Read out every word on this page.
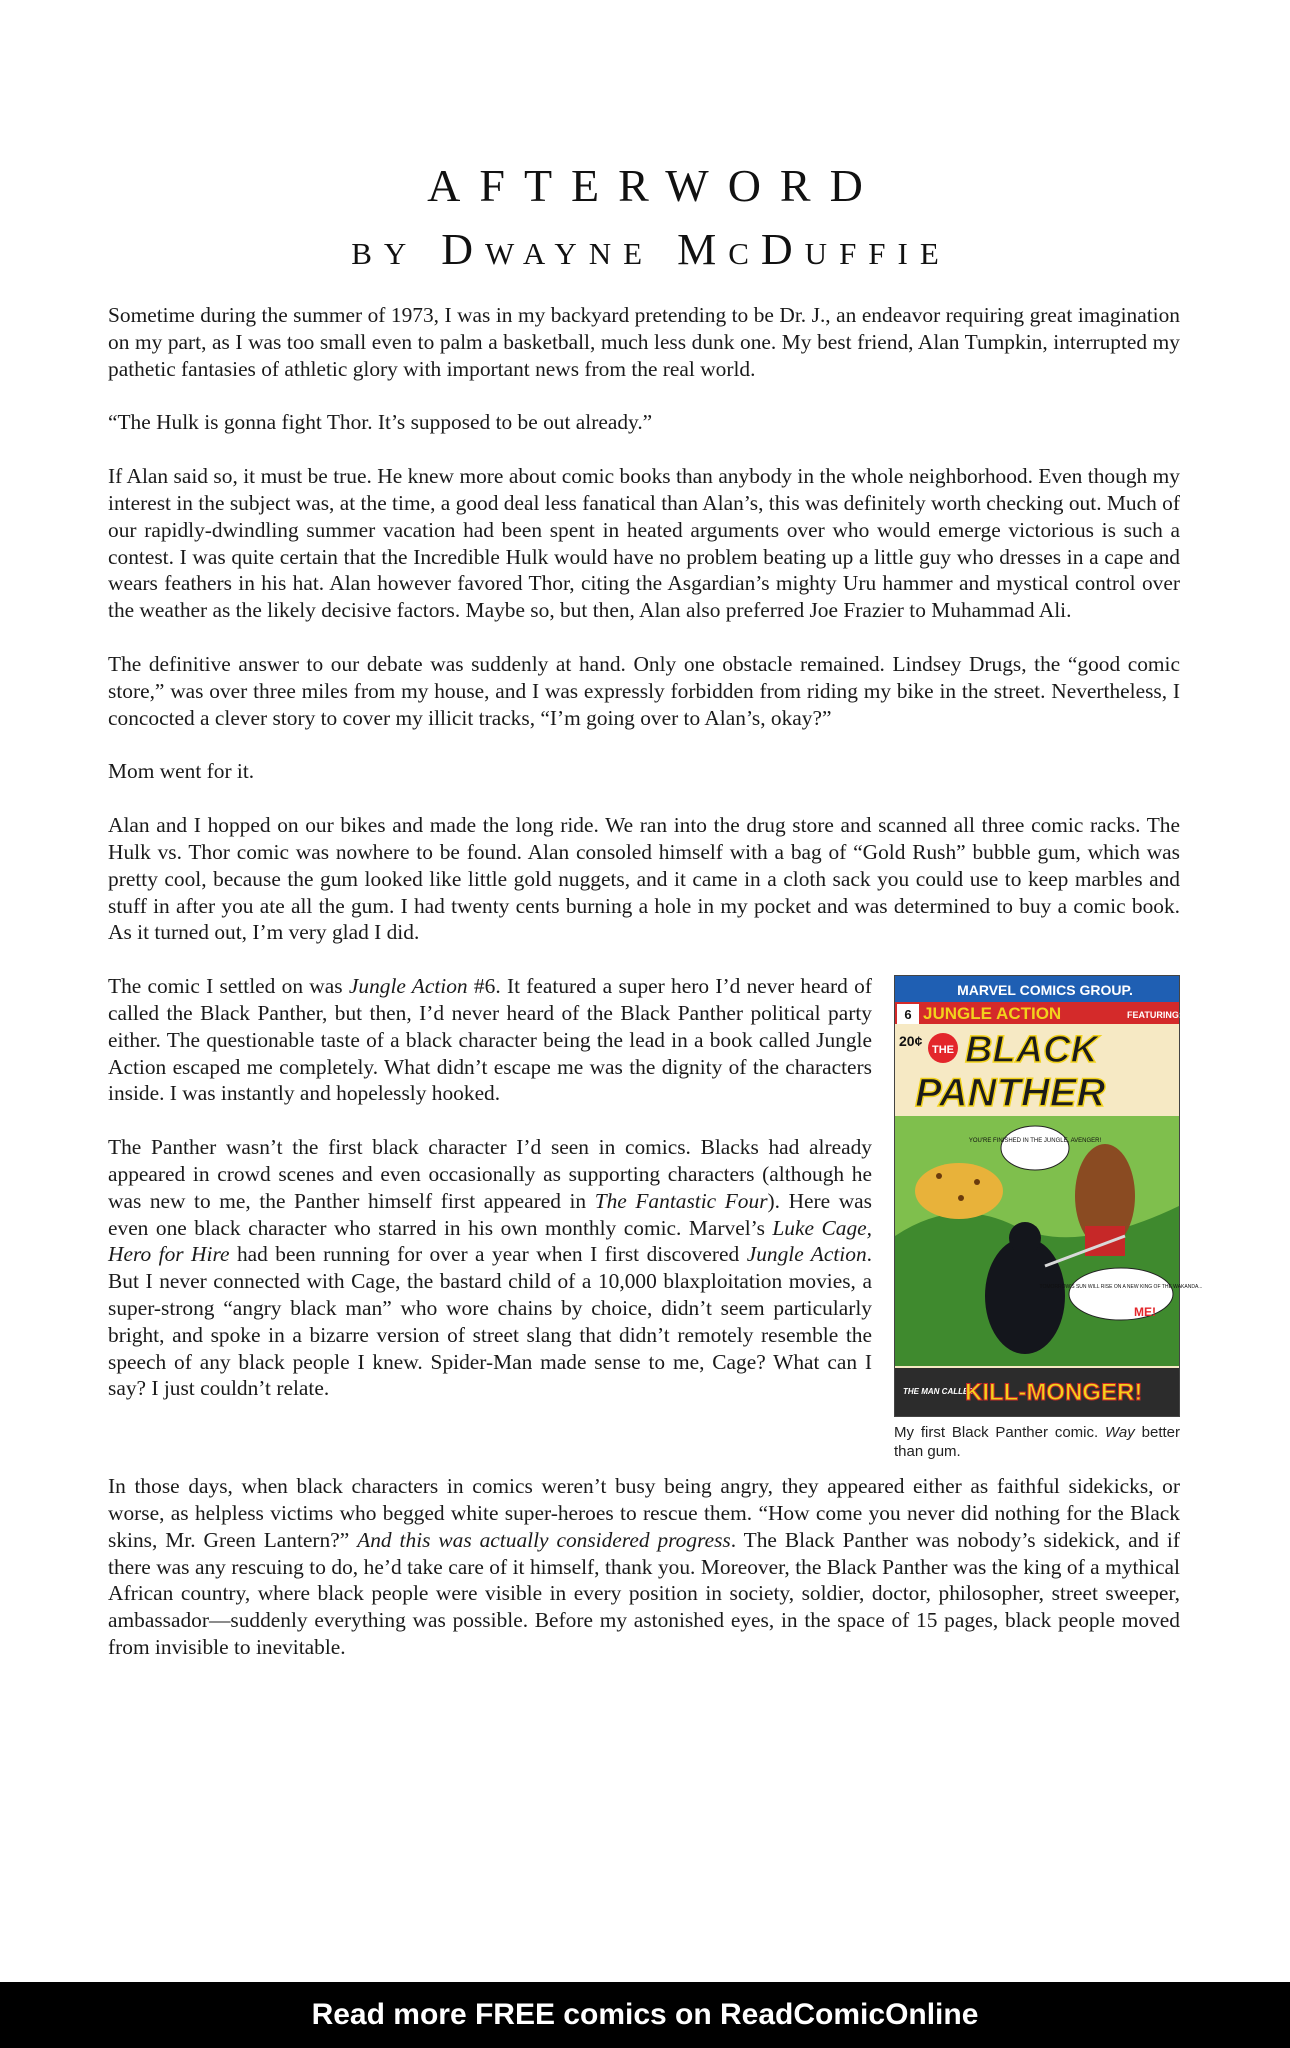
AFTERWORD
by Dwayne McDuffie

Sometime during the summer of 1973, I was in my backyard pretending to be Dr. J., an endeavor requiring great imagination on my part, as I was too small even to palm a basketball, much less dunk one. My best friend, Alan Tumpkin, interrupted my pathetic fantasies of athletic glory with important news from the real world.

“The Hulk is gonna fight Thor. It’s supposed to be out already.”

If Alan said so, it must be true. He knew more about comic books than anybody in the whole neighborhood. Even though my interest in the subject was, at the time, a good deal less fanatical than Alan’s, this was definitely worth checking out. Much of our rapidly-dwindling summer vacation had been spent in heated arguments over who would emerge victorious is such a contest. I was quite certain that the Incredible Hulk would have no problem beating up a little guy who dresses in a cape and wears feathers in his hat. Alan however favored Thor, citing the Asgardian’s mighty Uru hammer and mystical control over the weather as the likely decisive factors. Maybe so, but then, Alan also preferred Joe Frazier to Muhammad Ali.

The definitive answer to our debate was suddenly at hand. Only one obstacle remained. Lindsey Drugs, the “good comic store,” was over three miles from my house, and I was expressly forbidden from riding my bike in the street. Nevertheless, I concocted a clever story to cover my illicit tracks, “I’m going over to Alan’s, okay?”

Mom went for it.

Alan and I hopped on our bikes and made the long ride. We ran into the drug store and scanned all three comic racks. The Hulk vs. Thor comic was nowhere to be found. Alan consoled himself with a bag of “Gold Rush” bubble gum, which was pretty cool, because the gum looked like little gold nuggets, and it came in a cloth sack you could use to keep marbles and stuff in after you ate all the gum. I had twenty cents burning a hole in my pocket and was determined to buy a comic book. As it turned out, I’m very glad I did.

MARVEL COMICS GROUP.
JUNGLE ACTION	FEATURING:
6
20¢
THE BLACK
PANTHER
YOU'RE FINISHED IN THE JUNGLE, AVENGER!
TOMORROW'S SUN WILL RISE ON A NEW KING OF THE WAKANDA...
ME!
THE MAN CALLED
KILL-MONGER!
My first Black Panther comic. Way better than gum.

The comic I settled on was Jungle Action #6. It featured a super hero I’d never heard of called the Black Panther, but then, I’d never heard of the Black Panther political party either. The questionable taste of a black character being the lead in a book called Jungle Action escaped me completely. What didn’t escape me was the dignity of the characters inside. I was instantly and hopelessly hooked.

The Panther wasn’t the first black character I’d seen in comics. Blacks had already appeared in crowd scenes and even occasionally as supporting characters (although he was new to me, the Panther himself first appeared in The Fantastic Four). Here was even one black character who starred in his own monthly comic. Marvel’s Luke Cage, Hero for Hire had been running for over a year when I first discovered Jungle Action. But I never connected with Cage, the bastard child of a 10,000 blaxploitation movies, a super-strong “angry black man” who wore chains by choice, didn’t seem particularly bright, and spoke in a bizarre version of street slang that didn’t remotely resemble the speech of any black people I knew. Spider-Man made sense to me, Cage? What can I say? I just couldn’t relate.

In those days, when black characters in comics weren’t busy being angry, they appeared either as faithful sidekicks, or worse, as helpless victims who begged white super-heroes to rescue them. “How come you never did nothing for the Black skins, Mr. Green Lantern?” And this was actually considered progress. The Black Panther was nobody’s sidekick, and if there was any rescuing to do, he’d take care of it himself, thank you. Moreover, the Black Panther was the king of a mythical African country, where black people were visible in every position in society, soldier, doctor, philosopher, street sweeper, ambassador—suddenly everything was possible. Before my astonished eyes, in the space of 15 pages, black people moved from invisible to inevitable.

Read more FREE comics on ReadComicOnline
